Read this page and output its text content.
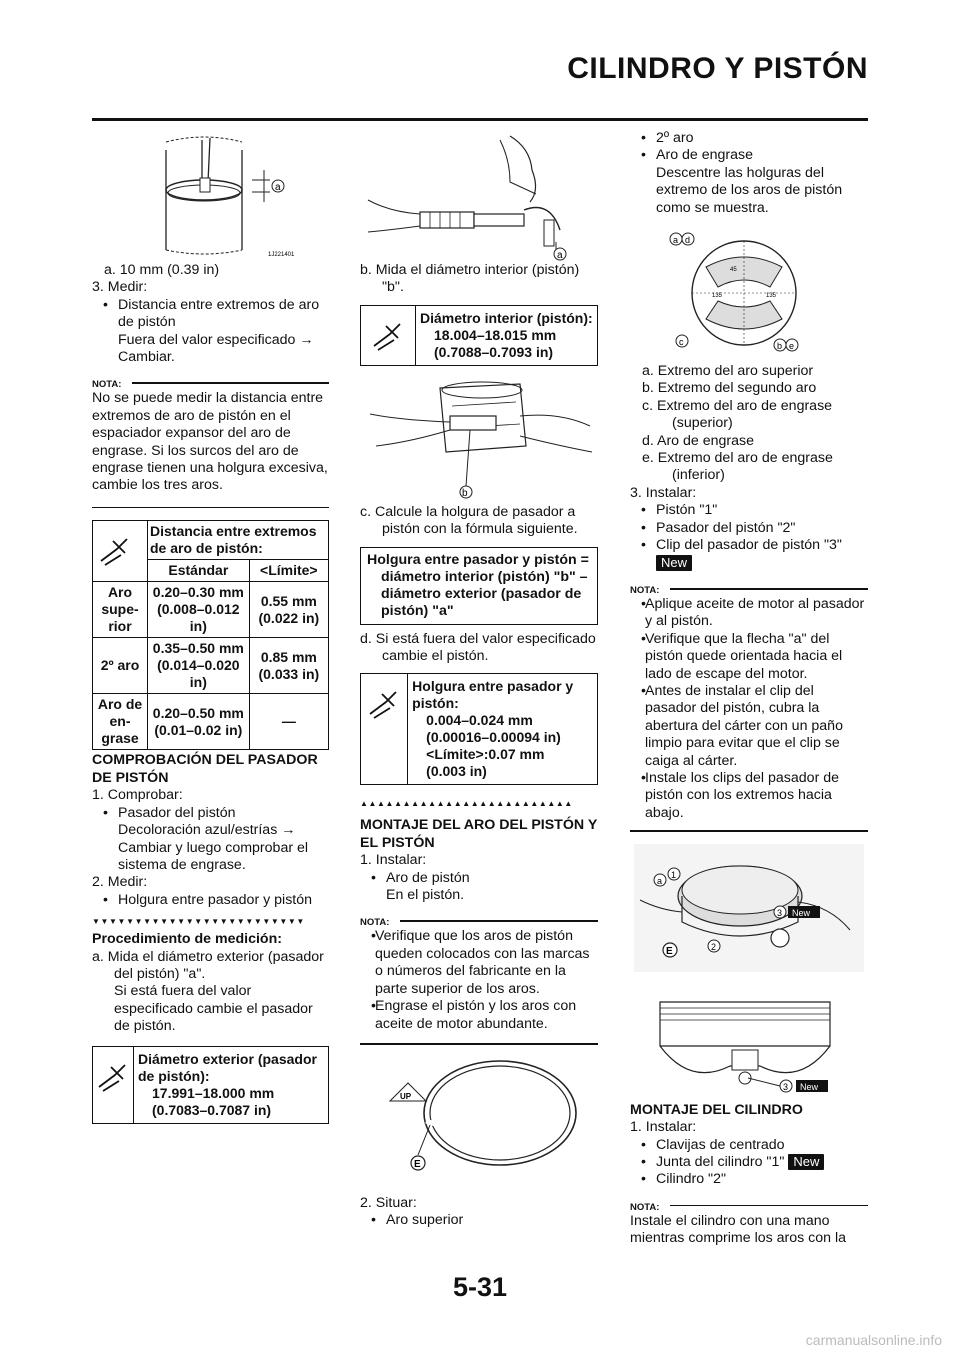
CILINDRO Y PISTÓN
a
1J221401

a. 10 mm (0.39 in)

3. Medir:

• Distancia entre extremos de aro de pistón

Fuera del valor especificado → Cambiar.

NOTA:

No se puede medir la distancia entre extremos de aro de pistón en el espaciador expansor del aro de engrase. Si los surcos del aro de engrase tienen una holgura excesiva, cambie los tres aros.

	Distancia entre extremos de aro de pistón:	
	Estándar	<Límite>
Aro supe-rior	0.20–0.30 mm (0.008–0.012 in)	0.55 mm (0.022 in)
2º aro	0.35–0.50 mm (0.014–0.020 in)	0.85 mm (0.033 in)
Aro de en-grase	0.20–0.50 mm (0.01–0.02 in)	—

COMPROBACIÓN DEL PASADOR DE PISTÓN

1. Comprobar:

• Pasador del pistón

Decoloración azul/estrías → Cambiar y luego comprobar el sistema de engrase.

2. Medir:

• Holgura entre pasador y pistón

▼▼▼▼▼▼▼▼▼▼▼▼▼▼▼▼▼▼▼▼▼▼▼▼▼

Procedimiento de medición:

a. Mida el diámetro exterior (pasador del pistón) "a".

Si está fuera del valor especificado cambie el pasador de pistón.

Diámetro exterior (pasador de pistón):
17.991–18.000 mm
(0.7083–0.7087 in)
a

b. Mida el diámetro interior (pistón) "b".

Diámetro interior (pistón):
18.004–18.015 mm
(0.7088–0.7093 in)
b

c. Calcule la holgura de pasador a pistón con la fórmula siguiente.

Holgura entre pasador y pistón = diámetro interior (pistón) "b" – diámetro exterior (pasador de pistón) "a"

d. Si está fuera del valor especificado cambie el pistón.

Holgura entre pasador y pistón:
0.004–0.024 mm
(0.00016–0.00094 in)
<Límite>:0.07 mm
(0.003 in)

▲▲▲▲▲▲▲▲▲▲▲▲▲▲▲▲▲▲▲▲▲▲▲▲▲

MONTAJE DEL ARO DEL PISTÓN Y EL PISTÓN

1. Instalar:

• Aro de pistón

En el pistón.

NOTA:

• Verifique que los aros de pistón queden colocados con las marcas o números del fabricante en la parte superior de los aros.

• Engrase el pistón y los aros con aceite de motor abundante.

UP
E

2. Situar:

• Aro superior

• 2º aro

• Aro de engrase

Descentre las holguras del extremo de los aros de pistón como se muestra.

135	135
45
a d
c	b e

a. Extremo del aro superior

b. Extremo del segundo aro

c. Extremo del aro de engrase (superior)

d. Aro de engrase

e. Extremo del aro de engrase (inferior)

3. Instalar:

• Pistón "1"

• Pasador del pistón "2"

• Clip del pasador de pistón "3"

New

NOTA:

• Aplique aceite de motor al pasador y al pistón.

• Verifique que la flecha "a" del pistón quede orientada hacia el lado de escape del motor.

• Antes de instalar el clip del pasador del pistón, cubra la abertura del cárter con un paño limpio para evitar que el clip se caiga al cárter.

• Instale los clips del pasador de pistón con los extremos hacia abajo.

a
1
3 New
E	2
3 New

MONTAJE DEL CILINDRO

1. Instalar:

• Clavijas de centrado

• Junta del cilindro "1" New

• Cilindro "2"

NOTA:

Instale el cilindro con una mano mientras comprime los aros con la

5-31
carmanualsonline.info
